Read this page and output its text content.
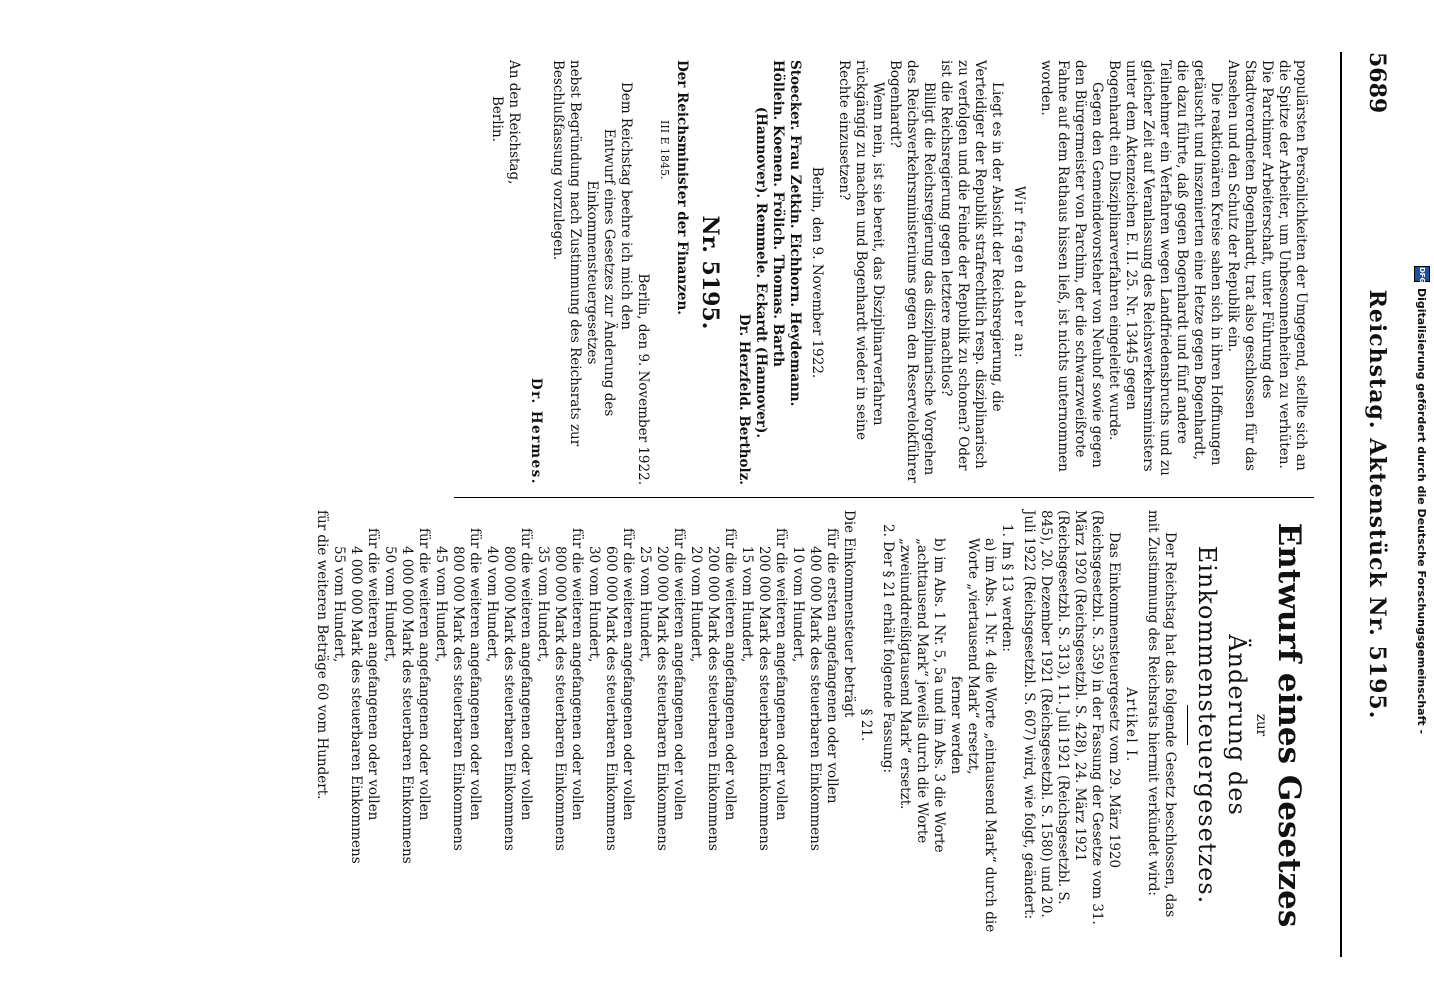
DFG
Digitalisierung gefördert durch die Deutsche Forschungsgemeinschaft -
5689
Reichstag. Aktenstück Nr. 5195.

populärsten Persönlichkeiten der Umgegend, stellte sich an die Spitze der Arbeiter, um Unbesonnenheiten zu verhüten. Die Parchimer Arbeiterschaft, unter Führung des Stadtverordneten Bogenhardt, trat also geschlossen für das Ansehen und den Schutz der Republik ein.

Die reaktionären Kreise sahen sich in ihren Hoffnungen getäuscht und inszenierten eine Hetze gegen Bogenhardt, die dazu führte, daß gegen Bogenhardt und fünf andere Teilnehmer ein Verfahren wegen Landfriedensbruchs und zu gleicher Zeit auf Veranlassung des Reichsverkehrsministers unter dem Aktenzeichen E. II. 25. Nr. 13445 gegen Bogenhardt ein Disziplinarverfahren eingeleitet wurde.

Gegen den Gemeindevorsteher von Neuhof sowie gegen den Bürgermeister von Parchim, der die schwarzweißrote Fahne auf dem Rathaus hissen ließ, ist nichts unternommen worden.

Wir fragen daher an:

Liegt es in der Absicht der Reichsregierung, die Verteidiger der Republik strafrechtlich resp. disziplinarisch zu verfolgen und die Feinde der Republik zu schonen? Oder ist die Reichsregierung gegen letztere machtlos?

Billigt die Reichsregierung das disziplinarische Vorgehen des Reichsverkehrsministeriums gegen den Reservelokführer Bogenhardt?

Wenn nein, ist sie bereit, das Disziplinarverfahren rückgängig zu machen und Bogenhardt wieder in seine Rechte einzusetzen?

Berlin, den 9. November 1922.

Stoecker. Frau Zetkin. Eichhorn. Heydemann.

Höllein. Koenen. Frölich. Thomas. Barth

(Hannover). Remmele. Eckardt (Hannover).

Dr. Herzfeld. Bertholz.

Nr. 5195.

Der Reichsminister der Finanzen.

III E 1845.

Berlin, den 9. November 1922.

Dem Reichstag beehre ich mich den

Entwurf eines Gesetzes zur Änderung des

Einkommensteuergesetzes

nebst Begründung nach Zustimmung des Reichsrats zur Beschlußfassung vorzulegen.

Dr. Hermes.

An den Reichstag,

Berlin.

Entwurf eines Gesetzes

zur

Änderung des Einkommensteuergesetzes.

Der Reichstag hat das folgende Gesetz beschlossen, das mit Zustimmung des Reichsrats hiermit verkündet wird:

Artikel I.

Das Einkommensteuergesetz vom 29. März 1920 (Reichsgesetzbl. S. 359) in der Fassung der Gesetze vom 31. März 1920 (Reichsgesetzbl. S. 428), 24. März 1921 (Reichsgesetzbl. S. 313), 11. Juli 1921 (Reichsgesetzbl. S. 845), 20. Dezember 1921 (Reichsgesetzbl. S. 1580) und 20. Juli 1922 (Reichsgesetzbl. S. 607) wird, wie folgt, geändert:

1. Im § 13 werden:

a) im Abs. 1 Nr. 4 die Worte „eintausend Mark“ durch die Worte „viertausend Mark“ ersetzt,

ferner werden

b) im Abs. 1 Nr. 5, 5a und im Abs. 3 die Worte „achttausend Mark“ jeweils durch die Worte „zweiunddreißigtausend Mark“ ersetzt.

2. Der § 21 erhält folgende Fassung:

§ 21.

Die Einkommensteuer beträgt

für die ersten angefangenen oder vollen

400 000 Mark des steuerbaren Einkommens

10 vom Hundert,

für die weiteren angefangenen oder vollen

200 000 Mark des steuerbaren Einkommens

15 vom Hundert,

für die weiteren angefangenen oder vollen

200 000 Mark des steuerbaren Einkommens

20 vom Hundert,

für die weiteren angefangenen oder vollen

200 000 Mark des steuerbaren Einkommens

25 vom Hundert,

für die weiteren angefangenen oder vollen

600 000 Mark des steuerbaren Einkommens

30 vom Hundert,

für die weiteren angefangenen oder vollen

800 000 Mark des steuerbaren Einkommens

35 vom Hundert,

für die weiteren angefangenen oder vollen

800 000 Mark des steuerbaren Einkommens

40 vom Hundert,

für die weiteren angefangenen oder vollen

800 000 Mark des steuerbaren Einkommens

45 vom Hundert,

für die weiteren angefangenen oder vollen

4 000 000 Mark des steuerbaren Einkommens

50 vom Hundert,

für die weiteren angefangenen oder vollen

4 000 000 Mark des steuerbaren Einkommens

55 vom Hundert,

für die weiteren Beträge 60 vom Hundert.
